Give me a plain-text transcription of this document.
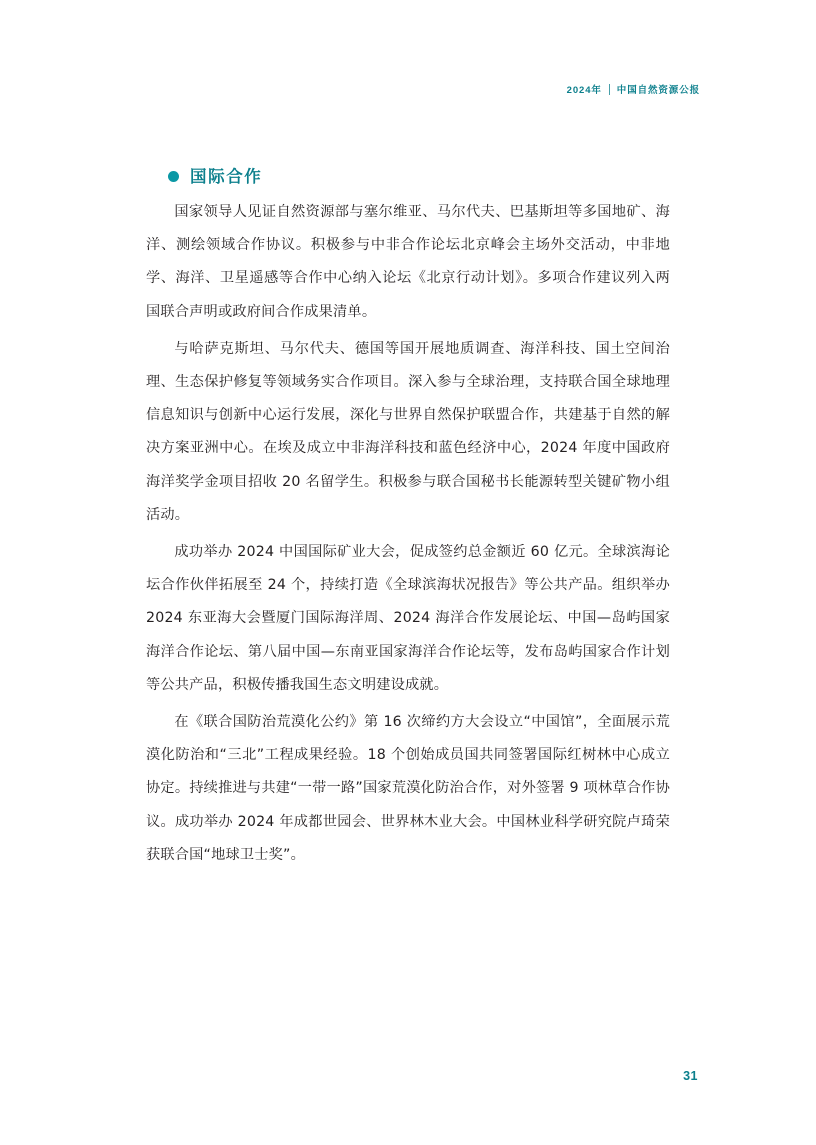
2024年 中国自然资源公报
国际合作

国家领导人见证自然资源部与塞尔维亚、马尔代夫、巴基斯坦等多国地矿、海洋、测绘领域合作协议。积极参与中非合作论坛北京峰会主场外交活动，中非地学、海洋、卫星遥感等合作中心纳入论坛《北京行动计划》。多项合作建议列入两国联合声明或政府间合作成果清单。

与哈萨克斯坦、马尔代夫、德国等国开展地质调查、海洋科技、国土空间治理、生态保护修复等领域务实合作项目。深入参与全球治理，支持联合国全球地理信息知识与创新中心运行发展，深化与世界自然保护联盟合作，共建基于自然的解决方案亚洲中心。在埃及成立中非海洋科技和蓝色经济中心，2024 年度中国政府海洋奖学金项目招收 20 名留学生。积极参与联合国秘书长能源转型关键矿物小组活动。

成功举办 2024 中国国际矿业大会，促成签约总金额近 60 亿元。全球滨海论坛合作伙伴拓展至 24 个，持续打造《全球滨海状况报告》等公共产品。组织举办 2024 东亚海大会暨厦门国际海洋周、2024 海洋合作发展论坛、中国—岛屿国家海洋合作论坛、第八届中国—东南亚国家海洋合作论坛等，发布岛屿国家合作计划等公共产品，积极传播我国生态文明建设成就。

在《联合国防治荒漠化公约》第 16 次缔约方大会设立“中国馆”，全面展示荒漠化防治和“三北”工程成果经验。18 个创始成员国共同签署国际红树林中心成立协定。持续推进与共建“一带一路”国家荒漠化防治合作，对外签署 9 项林草合作协议。成功举办 2024 年成都世园会、世界林木业大会。中国林业科学研究院卢琦荣获联合国“地球卫士奖”。

31
